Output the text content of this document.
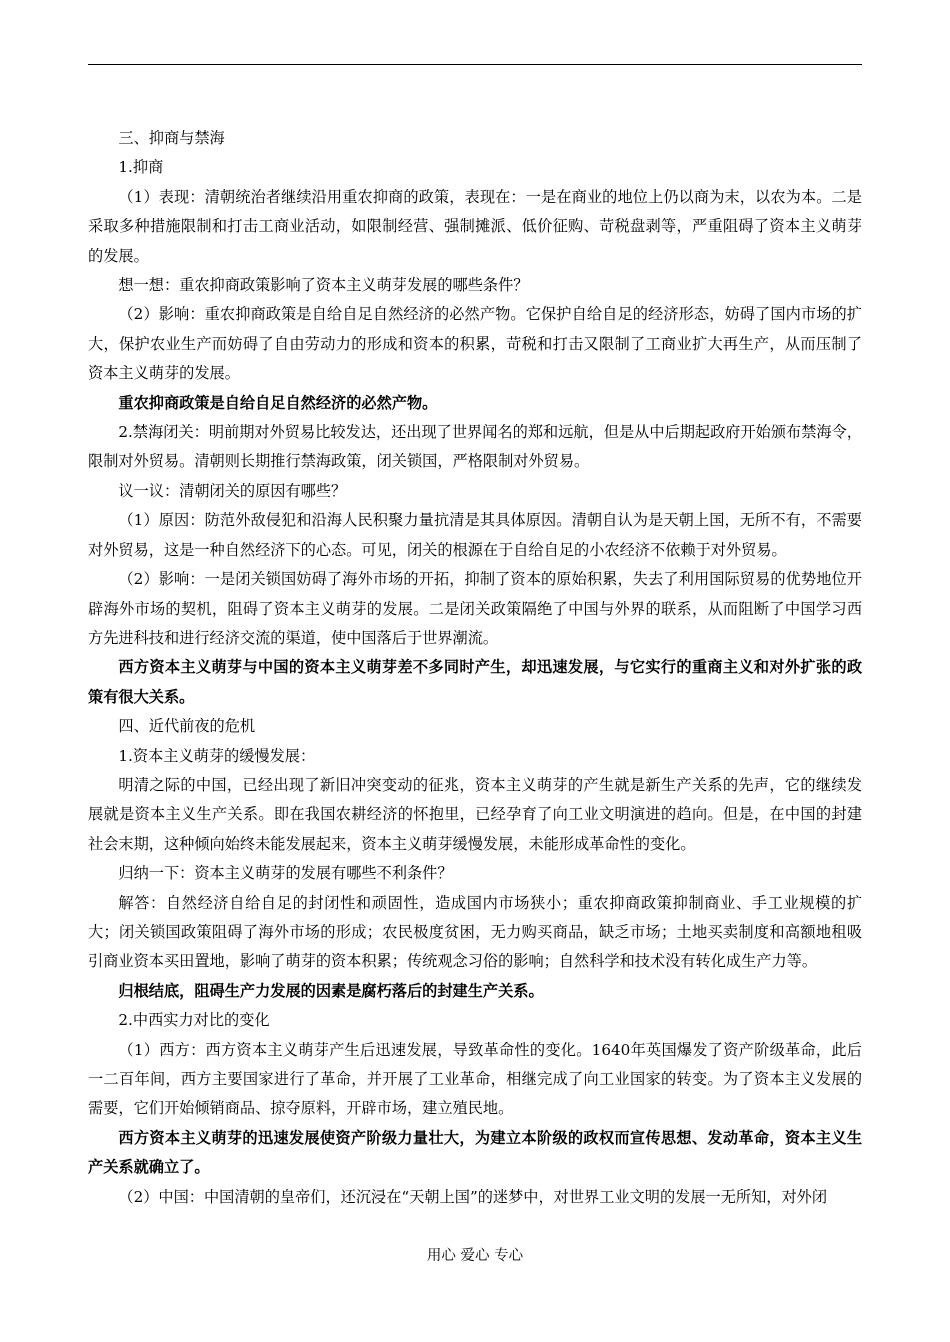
三、抑商与禁海

1.抑商

（1）表现：清朝统治者继续沿用重农抑商的政策，表现在：一是在商业的地位上仍以商为末，以农为本。二是采取多种措施限制和打击工商业活动，如限制经营、强制摊派、低价征购、苛税盘剥等，严重阻碍了资本主义萌芽的发展。

想一想：重农抑商政策影响了资本主义萌芽发展的哪些条件？

（2）影响：重农抑商政策是自给自足自然经济的必然产物。它保护自给自足的经济形态，妨碍了国内市场的扩大，保护农业生产而妨碍了自由劳动力的形成和资本的积累，苛税和打击又限制了工商业扩大再生产，从而压制了资本主义萌芽的发展。

重农抑商政策是自给自足自然经济的必然产物。

2.禁海闭关：明前期对外贸易比较发达，还出现了世界闻名的郑和远航，但是从中后期起政府开始颁布禁海令，限制对外贸易。清朝则长期推行禁海政策，闭关锁国，严格限制对外贸易。

议一议：清朝闭关的原因有哪些？

（1）原因：防范外敌侵犯和沿海人民积聚力量抗清是其具体原因。清朝自认为是天朝上国，无所不有，不需要对外贸易，这是一种自然经济下的心态。可见，闭关的根源在于自给自足的小农经济不依赖于对外贸易。

（2）影响：一是闭关锁国妨碍了海外市场的开拓，抑制了资本的原始积累，失去了利用国际贸易的优势地位开辟海外市场的契机，阻碍了资本主义萌芽的发展。二是闭关政策隔绝了中国与外界的联系，从而阻断了中国学习西方先进科技和进行经济交流的渠道，使中国落后于世界潮流。

西方资本主义萌芽与中国的资本主义萌芽差不多同时产生，却迅速发展，与它实行的重商主义和对外扩张的政策有很大关系。

四、近代前夜的危机

1.资本主义萌芽的缓慢发展：

明清之际的中国，已经出现了新旧冲突变动的征兆，资本主义萌芽的产生就是新生产关系的先声，它的继续发展就是资本主义生产关系。即在我国农耕经济的怀抱里，已经孕育了向工业文明演进的趋向。但是，在中国的封建社会末期，这种倾向始终未能发展起来，资本主义萌芽缓慢发展，未能形成革命性的变化。

归纳一下：资本主义萌芽的发展有哪些不利条件？

解答：自然经济自给自足的封闭性和顽固性，造成国内市场狭小；重农抑商政策抑制商业、手工业规模的扩大；闭关锁国政策阻碍了海外市场的形成；农民极度贫困，无力购买商品，缺乏市场；土地买卖制度和高额地租吸引商业资本买田置地，影响了萌芽的资本积累；传统观念习俗的影响；自然科学和技术没有转化成生产力等。

归根结底，阻碍生产力发展的因素是腐朽落后的封建生产关系。

2.中西实力对比的变化

（1）西方：西方资本主义萌芽产生后迅速发展，导致革命性的变化。1640年英国爆发了资产阶级革命，此后一二百年间，西方主要国家进行了革命，并开展了工业革命，相继完成了向工业国家的转变。为了资本主义发展的需要，它们开始倾销商品、掠夺原料，开辟市场，建立殖民地。

西方资本主义萌芽的迅速发展使资产阶级力量壮大，为建立本阶级的政权而宣传思想、发动革命，资本主义生产关系就确立了。

（2）中国：中国清朝的皇帝们，还沉浸在“天朝上国”的迷梦中，对世界工业文明的发展一无所知，对外闭

用心 爱心 专心
